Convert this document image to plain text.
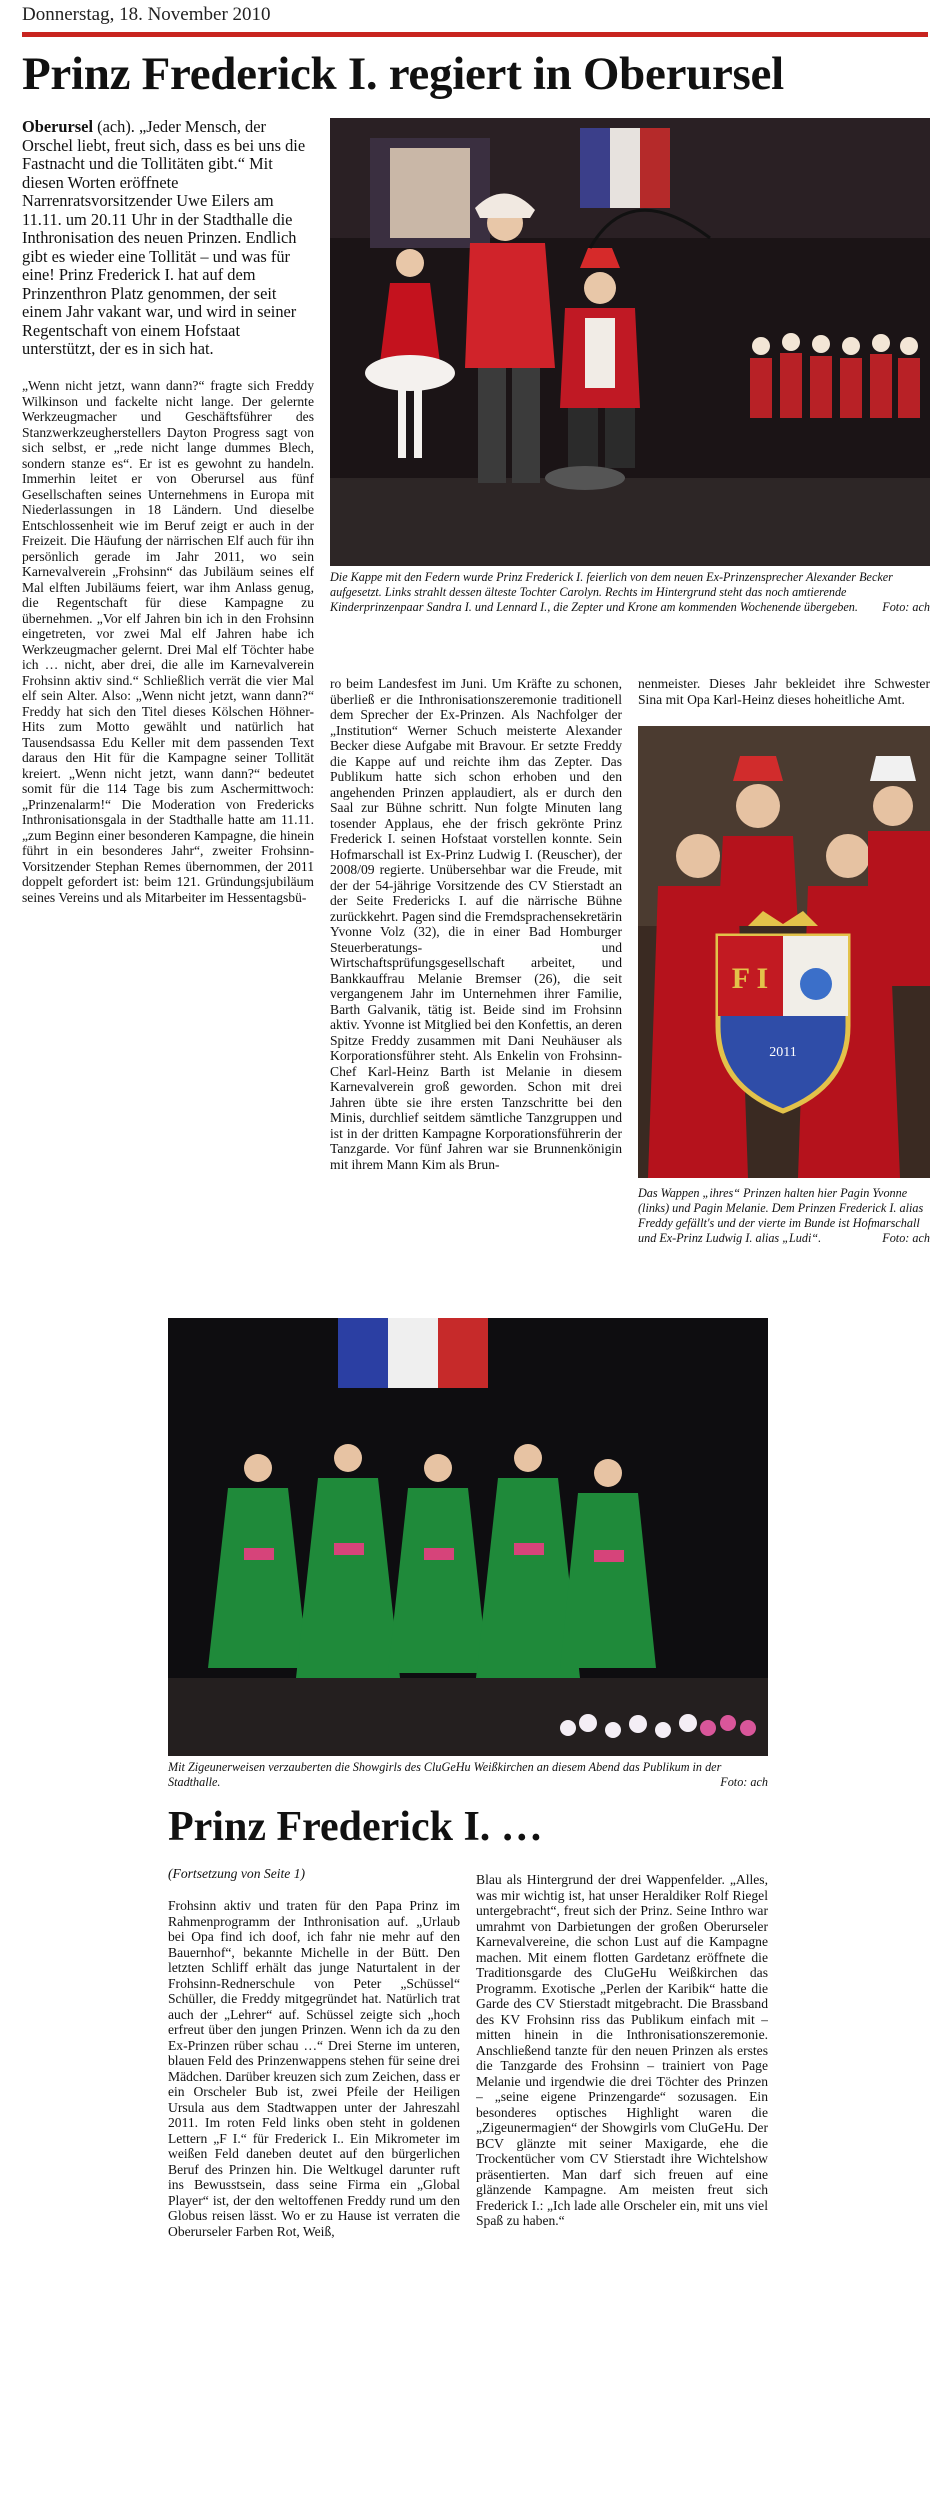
Donnerstag, 18. November 2010
Prinz Frederick I. regiert in Oberursel
Oberursel (ach). „Jeder Mensch, der Orschel liebt, freut sich, dass es bei uns die Fastnacht und die Tollitäten gibt.“ Mit diesen Worten eröffnete Narrenratsvorsitzender Uwe Eilers am 11.11. um 20.11 Uhr in der Stadthalle die Inthronisation des neuen Prinzen. Endlich gibt es wieder eine Tollität – und was für eine! Prinz Frederick I. hat auf dem Prinzenthron Platz genommen, der seit einem Jahr vakant war, und wird in seiner Regentschaft von einem Hofstaat unterstützt, der es in sich hat.
Die Kappe mit den Federn wurde Prinz Frederick I. feierlich von dem neuen Ex-Prinzensprecher Alexander Becker aufgesetzt. Links strahlt dessen älteste Tochter Carolyn. Rechts im Hintergrund steht das noch amtierende Kinderprinzenpaar Sandra I. und Lennard I., die Zepter und Krone am kommenden Wochenende übergeben. Foto: ach
„Wenn nicht jetzt, wann dann?“ fragte sich Freddy Wilkinson und fackelte nicht lange. Der gelernte Werkzeugmacher und Geschäftsführer des Stanzwerkzeugherstellers Dayton Progress sagt von sich selbst, er „rede nicht lange dummes Blech, sondern stanze es“. Er ist es gewohnt zu handeln. Immerhin leitet er von Oberursel aus fünf Gesellschaften seines Unternehmens in Europa mit Niederlassungen in 18 Ländern. Und dieselbe Entschlossenheit wie im Beruf zeigt er auch in der Freizeit. Die Häufung der närrischen Elf auch für ihn persönlich gerade im Jahr 2011, wo sein Karnevalverein „Frohsinn“ das Jubiläum seines elf Mal elften Jubiläums feiert, war ihm Anlass genug, die Regentschaft für diese Kampagne zu übernehmen. „Vor elf Jahren bin ich in den Frohsinn eingetreten, vor zwei Mal elf Jahren habe ich Werkzeugmacher gelernt. Drei Mal elf Töchter habe ich … nicht, aber drei, die alle im Karnevalverein Frohsinn aktiv sind.“ Schließlich verrät die vier Mal elf sein Alter. Also: „Wenn nicht jetzt, wann dann?“ Freddy hat sich den Titel dieses Kölschen Höhner-Hits zum Motto gewählt und natürlich hat Tausendsassa Edu Keller mit dem passenden Text daraus den Hit für die Kampagne seiner Tollität kreiert. „Wenn nicht jetzt, wann dann?“ bedeutet somit für die 114 Tage bis zum Aschermittwoch: „Prinzenalarm!“ Die Moderation von Fredericks Inthronisationsgala in der Stadthalle hatte am 11.11. „zum Beginn einer besonderen Kampagne, die hinein führt in ein besonderes Jahr“, zweiter Frohsinn-Vorsitzender Stephan Remes übernommen, der 2011 doppelt gefordert ist: beim 121. Gründungsjubiläum seines Vereins und als Mitarbeiter im Hessentagsbü-
ro beim Landesfest im Juni. Um Kräfte zu schonen, überließ er die Inthronisationszeremonie traditionell dem Sprecher der Ex-Prinzen. Als Nachfolger der „Institution“ Werner Schuch meisterte Alexander Becker diese Aufgabe mit Bravour. Er setzte Freddy die Kappe auf und reichte ihm das Zepter. Das Publikum hatte sich schon erhoben und den angehenden Prinzen applaudiert, als er durch den Saal zur Bühne schritt. Nun folgte Minuten lang tosender Applaus, ehe der frisch gekrönte Prinz Frederick I. seinen Hofstaat vorstellen konnte. Sein Hofmarschall ist Ex-Prinz Ludwig I. (Reuscher), der 2008/09 regierte. Unübersehbar war die Freude, mit der der 54-jährige Vorsitzende des CV Stierstadt an der Seite Fredericks I. auf die närrische Bühne zurückkehrt. Pagen sind die Fremdsprachensekretärin Yvonne Volz (32), die in einer Bad Homburger Steuerberatungs- und Wirtschaftsprüfungsgesellschaft arbeitet, und Bankkauffrau Melanie Bremser (26), die seit vergangenem Jahr im Unternehmen ihrer Familie, Barth Galvanik, tätig ist. Beide sind im Frohsinn aktiv. Yvonne ist Mitglied bei den Konfettis, an deren Spitze Freddy zusammen mit Dani Neuhäuser als Korporationsführer steht. Als Enkelin von Frohsinn-Chef Karl-Heinz Barth ist Melanie in diesem Karnevalverein groß geworden. Schon mit drei Jahren übte sie ihre ersten Tanzschritte bei den Minis, durchlief seitdem sämtliche Tanzgruppen und ist in der dritten Kampagne Korporationsführerin der Tanzgarde. Vor fünf Jahren war sie Brunnenkönigin mit ihrem Mann Kim als Brun-
nenmeister. Dieses Jahr bekleidet ihre Schwester Sina mit Opa Karl-Heinz dieses hoheitliche Amt.
F I
2011
Das Wappen „ihres“ Prinzen halten hier Pagin Yvonne (links) und Pagin Melanie. Dem Prinzen Frederick I. alias Freddy gefällt's und der vierte im Bunde ist Hofmarschall und Ex-Prinz Ludwig I. alias „Ludi“.	Foto: ach
Mit Zigeunerweisen verzauberten die Showgirls des CluGeHu Weißkirchen an diesem Abend das Publikum in der Stadthalle.	Foto: ach
Prinz Frederick I. …
(Fortsetzung von Seite 1)
Frohsinn aktiv und traten für den Papa Prinz im Rahmenprogramm der Inthronisation auf. „Urlaub bei Opa find ich doof, ich fahr nie mehr auf den Bauernhof“, bekannte Michelle in der Bütt. Den letzten Schliff erhält das junge Naturtalent in der Frohsinn-Rednerschule von Peter „Schüssel“ Schüller, die Freddy mitgegründet hat. Natürlich trat auch der „Lehrer“ auf. Schüssel zeigte sich „hoch erfreut über den jungen Prinzen. Wenn ich da zu den Ex-Prinzen rüber schau …“ Drei Sterne im unteren, blauen Feld des Prinzenwappens stehen für seine drei Mädchen. Darüber kreuzen sich zum Zeichen, dass er ein Orscheler Bub ist, zwei Pfeile der Heiligen Ursula aus dem Stadtwappen unter der Jahreszahl 2011. Im roten Feld links oben steht in goldenen Lettern „F I.“ für Frederick I.. Ein Mikrometer im weißen Feld daneben deutet auf den bürgerlichen Beruf des Prinzen hin. Die Weltkugel darunter ruft ins Bewusstsein, dass seine Firma ein „Global Player“ ist, der den weltoffenen Freddy rund um den Globus reisen lässt. Wo er zu Hause ist verraten die Oberurseler Farben Rot, Weiß,
Blau als Hintergrund der drei Wappenfelder. „Alles, was mir wichtig ist, hat unser Heraldiker Rolf Riegel untergebracht“, freut sich der Prinz. Seine Inthro war umrahmt von Darbietungen der großen Oberurseler Karnevalvereine, die schon Lust auf die Kampagne machen. Mit einem flotten Gardetanz eröffnete die Traditionsgarde des CluGeHu Weißkirchen das Programm. Exotische „Perlen der Karibik“ hatte die Garde des CV Stierstadt mitgebracht. Die Brassband des KV Frohsinn riss das Publikum einfach mit – mitten hinein in die Inthronisationszeremonie. Anschließend tanzte für den neuen Prinzen als erstes die Tanzgarde des Frohsinn – trainiert von Page Melanie und irgendwie die drei Töchter des Prinzen – „seine eigene Prinzengarde“ sozusagen. Ein besonderes optisches Highlight waren die „Zigeunermagien“ der Showgirls vom CluGeHu. Der BCV glänzte mit seiner Maxigarde, ehe die Trockentücher vom CV Stierstadt ihre Wichtelshow präsentierten. Man darf sich freuen auf eine glänzende Kampagne. Am meisten freut sich Frederick I.: „Ich lade alle Orscheler ein, mit uns viel Spaß zu haben.“
